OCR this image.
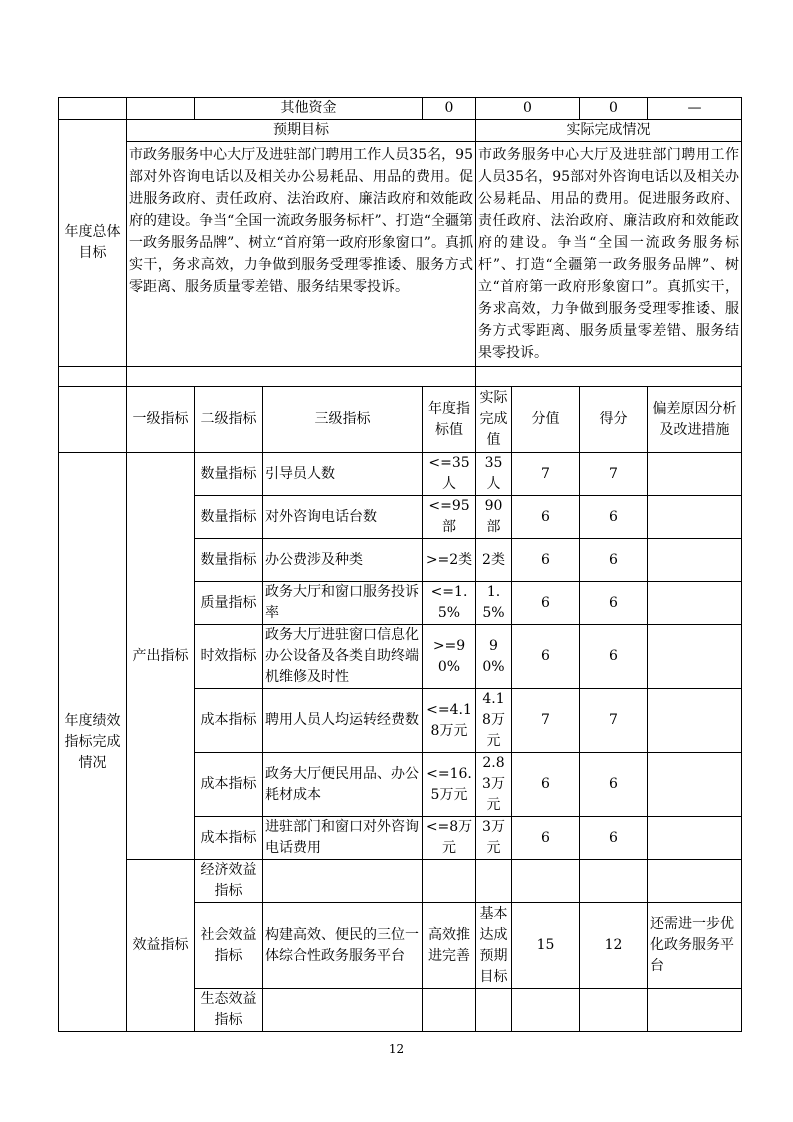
		其他资金		0	0		0	—
年度总体目标	预期目标				实际完成情况			
	市政务服务中心大厅及进驻部门聘用工作人员35名，95部对外咨询电话以及相关办公易耗品、用品的费用。促进服务政府、责任政府、法治政府、廉洁政府和效能政府的建设。争当“全国一流政务服务标杆”、打造“全疆第一政务服务品牌”、树立“首府第一政府形象窗口”。真抓实干，务求高效，力争做到服务受理零推诿、服务方式零距离、服务质量零差错、服务结果零投诉。				市政务服务中心大厅及进驻部门聘用工作人员35名，95部对外咨询电话以及相关办公易耗品、用品的费用。促进服务政府、责任政府、法治政府、廉洁政府和效能政府的建设。争当“全国一流政务服务标杆”、打造“全疆第一政务服务品牌”、树立“首府第一政府形象窗口”。真抓实干，务求高效，力争做到服务受理零推诿、服务方式零距离、服务质量零差错、服务结果零投诉。			

	一级指标	二级指标	三级指标	年度指标值	实际完成值	分值	得分	偏差原因分析及改进措施
年度绩效指标完成情况	产出指标	数量指标	引导员人数	<=35人	35人	7	7	
		数量指标	对外咨询电话台数	<=95部	90部	6	6	
		数量指标	办公费涉及种类	>=2类	2类	6	6	
		质量指标	政务大厅和窗口服务投诉率	<=1.5%	1.5%	6	6	
		时效指标	政务大厅进驻窗口信息化办公设备及各类自助终端机维修及时性	>=90%	90%	6	6	
		成本指标	聘用人员人均运转经费数	<=4.18万元	4.18万元	7	7	
		成本指标	政务大厅便民用品、办公耗材成本	<=16.5万元	2.83万元	6	6	
		成本指标	进驻部门和窗口对外咨询电话费用	<=8万元	3万元	6	6	
	效益指标	经济效益指标						
		社会效益指标	构建高效、便民的三位一体综合性政务服务平台	高效推进完善	基本达成预期目标	15	12	还需进一步优化政务服务平台
		生态效益指标						
12
